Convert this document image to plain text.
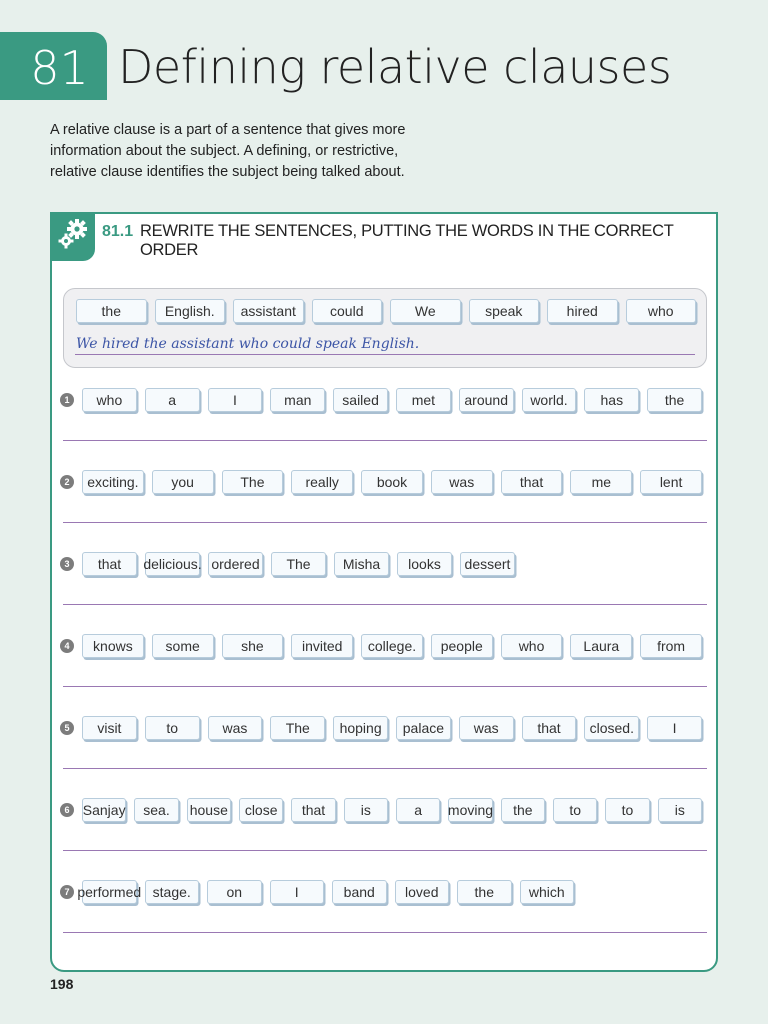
81 Defining relative clauses

A relative clause is a part of a sentence that gives more information about the subject. A defining, or restrictive, relative clause identifies the subject being talked about.

81.1 REWRITE THE SENTENCES, PUTTING THE WORDS IN THE CORRECT ORDER
the	English.	assistant	could	We	speak	hired	who
We hired the assistant who could speak English.
1	who	a	I	man	sailed	met	around	world.	has	the
2	exciting.	you	The	really	book	was	that	me	lent
3	that	delicious. ordered	The	Misha	looks	dessert
4	knows	some	she	invited	college.	people	who	Laura	from
5	visit	to	was	The	hoping	palace	was	that	closed.	I
6 Sanjay	sea.	house	close	that	is	a	moving	the	to	to	is
7 performed stage.	on	I	band	loved	the	which
198
